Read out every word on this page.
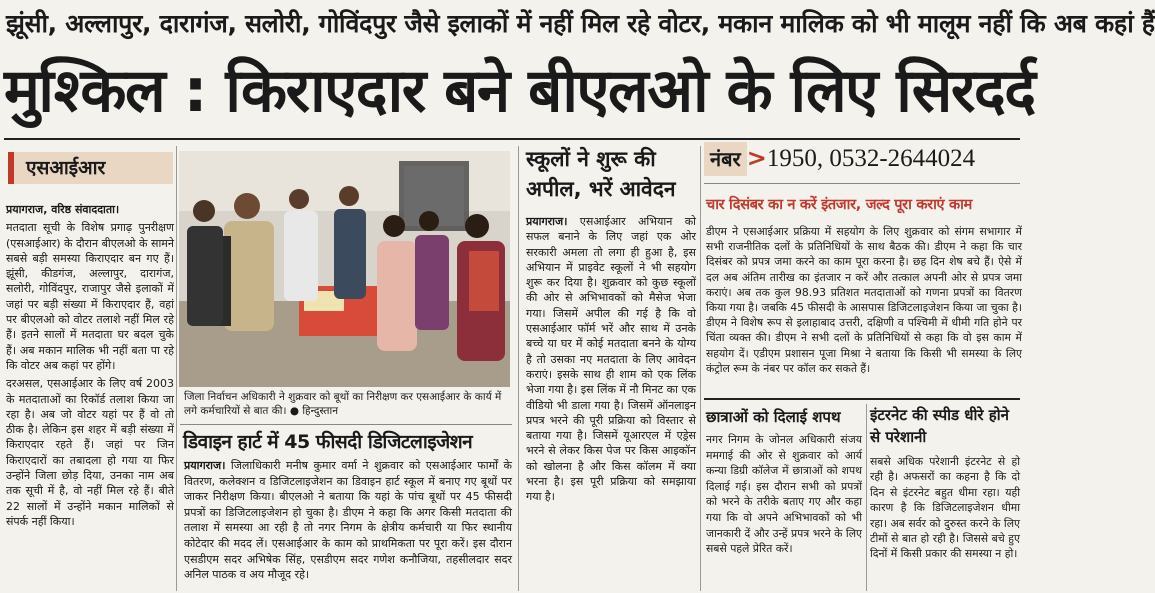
झूंसी, अल्लापुर, दारागंज, सलोरी, गोविंदपुर जैसे इलाकों में नहीं मिल रहे वोटर, मकान मालिक को भी मालूम नहीं कि अब कहां हैं
मुश्किल : किराएदार बने बीएलओ के लिए सिरदर्द
एसआईआर

प्रयागराज, वरिष्ठ संवाददाता।

मतदाता सूची के विशेष प्रगाढ़ पुनरीक्षण (एसआईआर) के दौरान बीएलओ के सामने सबसे बड़ी समस्या किराएदार बन गए हैं। झूंसी, कीडगंज, अल्लापुर, दारागंज, सलोरी, गोविंदपुर, राजापुर जैसे इलाकों में जहां पर बड़ी संख्या में किराएदार हैं, वहां पर बीएलओ को वोटर तलाशे नहीं मिल रहे हैं। इतने सालों में मतदाता घर बदल चुके हैं। अब मकान मालिक भी नहीं बता पा रहे कि वोटर अब कहां पर होंगे।

दरअसल, एसआईआर के लिए वर्ष 2003 के मतदाताओं का रिकॉर्ड तलाश किया जा रहा है। अब जो वोटर यहां पर हैं वो तो ठीक है। लेकिन इस शहर में बड़ी संख्या में किराएदार रहते हैं। जहां पर जिन किराएदारों का तबादला हो गया या फिर उन्होंने जिला छोड़ दिया, उनका नाम अब तक सूची में है, वो नहीं मिल रहे हैं। बीते 22 सालों में उन्होंने मकान मालिकों से संपर्क नहीं किया।

जिला निर्वाचन अधिकारी ने शुक्रवार को बूथों का निरीक्षण कर एसआईआर के कार्य में लगे कर्मचारियों से बात की। ● हिन्दुस्तान
डिवाइन हार्ट में 45 फीसदी डिजिटलाइजेशन
प्रयागराज। जिलाधिकारी मनीष कुमार वर्मा ने शुक्रवार को एसआईआर फार्मों के वितरण, कलेक्शन व डिजिटलाइजेशन का डिवाइन हार्ट स्कूल में बनाए गए बूथों पर जाकर निरीक्षण किया। बीएलओ ने बताया कि यहां के पांच बूथों पर 45 फीसदी प्रपत्रों का डिजिटलाइजेशन हो चुका है। डीएम ने कहा कि अगर किसी मतदाता की तलाश में समस्या आ रही है तो नगर निगम के क्षेत्रीय कर्मचारी या फिर स्थानीय कोटेदार की मदद लें। एसआईआर के काम को प्राथमिकता पर पूरा करें। इस दौरान एसडीएम सदर अभिषेक सिंह, एसडीएम सदर गणेश कनौजिया, तहसीलदार सदर अनिल पाठक व अय मौजूद रहे।
स्कूलों ने शुरू की अपील, भरें आवेदन
प्रयागराज। एसआईआर अभियान को सफल बनाने के लिए जहां एक ओर सरकारी अमला तो लगा ही हुआ है, इस अभियान में प्राइवेट स्कूलों ने भी सहयोग शुरू कर दिया है। शुक्रवार को कुछ स्कूलों की ओर से अभिभावकों को मैसेज भेजा गया। जिसमें अपील की गई है कि वो एसआईआर फॉर्म भरें और साथ में उनके बच्चे या घर में कोई मतदाता बनने के योग्य है तो उसका नए मतदाता के लिए आवेदन कराएं। इसके साथ ही शाम को एक लिंक भेजा गया है। इस लिंक में नौ मिनट का एक वीडियो भी डाला गया है। जिसमें ऑनलाइन प्रपत्र भरने की पूरी प्रक्रिया को विस्तार से बताया गया है। जिसमें यूआरएल में एड्रेस भरने से लेकर किस पेज पर किस आइकॉन को खोलना है और किस कॉलम में क्या भरना है। इस पूरी प्रक्रिया को समझाया गया है।
नंबर >1950, 0532-2644024
चार दिसंबर का न करें इंतजार, जल्द पूरा कराएं काम
डीएम ने एसआईआर प्रक्रिया में सहयोग के लिए शुक्रवार को संगम सभागार में सभी राजनीतिक दलों के प्रतिनिधियों के साथ बैठक की। डीएम ने कहा कि चार दिसंबर को प्रपत्र जमा करने का काम पूरा करना है। छह दिन शेष बचे हैं। ऐसे में दल अब अंतिम तारीख का इंतजार न करें और तत्काल अपनी ओर से प्रपत्र जमा कराएं। अब तक कुल 98.93 प्रतिशत मतदाताओं को गणना प्रपत्रों का वितरण किया गया है। जबकि 45 फीसदी के आसपास डिजिटलाइजेशन किया जा चुका है। डीएम ने विशेष रूप से इलाहाबाद उत्तरी, दक्षिणी व पश्चिमी में धीमी गति होने पर चिंता व्यक्त की। डीएम ने सभी दलों के प्रतिनिधियों से कहा कि वो इस काम में सहयोग दें। एडीएम प्रशासन पूजा मिश्रा ने बताया कि किसी भी समस्या के लिए कंट्रोल रूम के नंबर पर कॉल कर सकते हैं।
छात्राओं को दिलाई शपथ
नगर निगम के जोनल अधिकारी संजय ममगाई की ओर से शुक्रवार को आर्य कन्या डिग्री कॉलेज में छात्राओं को शपथ दिलाई गई। इस दौरान सभी को प्रपत्रों को भरने के तरीके बताए गए और कहा गया कि वो अपने अभिभावकों को भी जानकारी दें और उन्हें प्रपत्र भरने के लिए सबसे पहले प्रेरित करें।
इंटरनेट की स्पीड धीरे होने से परेशानी
सबसे अधिक परेशानी इंटरनेट से हो रही है। अफसरों का कहना है कि दो दिन से इंटरनेट बहुत धीमा रहा। यही कारण है कि डिजिटलाइजेशन धीमा रहा। अब सर्वर को दुरुस्त करने के लिए टीमों से बात हो रही है। जिससे बचे हुए दिनों में किसी प्रकार की समस्या न हो।
